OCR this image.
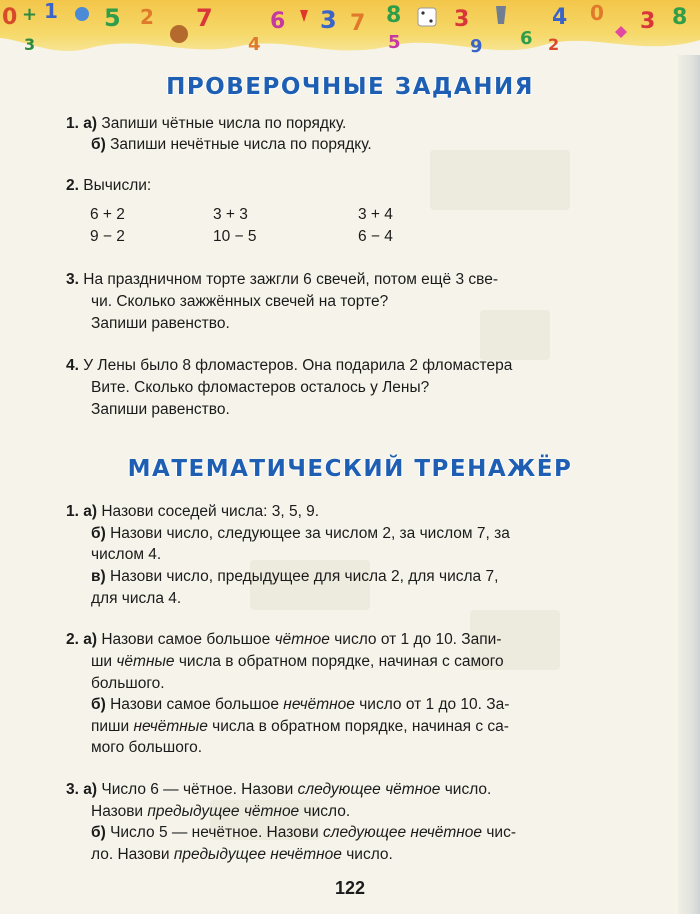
0 + 1 5 2 7	6 3 7 8 3	4 0 3 8
5	9 6 2
4
3
ПРОВЕРОЧНЫЕ ЗАДАНИЯ
1. а) Запиши чётные числа по порядку.
б) Запиши нечётные числа по порядку.
2. Вычисли:
6 + 2	3 + 3	3 + 4
9 − 2	10 − 5	6 − 4
3. На праздничном торте зажгли 6 свечей, потом ещё 3 све-
чи. Сколько зажжённых свечей на торте?
Запиши равенство.
4. У Лены было 8 фломастеров. Она подарила 2 фломастера
Вите. Сколько фломастеров осталось у Лены?
Запиши равенство.
МАТЕМАТИЧЕСКИЙ ТРЕНАЖЁР
1. а) Назови соседей числа: 3, 5, 9.
б) Назови число, следующее за числом 2, за числом 7, за
числом 4.
в) Назови число, предыдущее для числа 2, для числа 7,
для числа 4.
2. а) Назови самое большое чётное число от 1 до 10. Запи-
ши чётные числа в обратном порядке, начиная с самого
большого.
б) Назови самое большое нечётное число от 1 до 10. За-
пиши нечётные числа в обратном порядке, начиная с са-
мого большого.
3. а) Число 6 — чётное. Назови следующее чётное число.
Назови предыдущее чётное число.
б) Число 5 — нечётное. Назови следующее нечётное чис-
ло. Назови предыдущее нечётное число.
122
